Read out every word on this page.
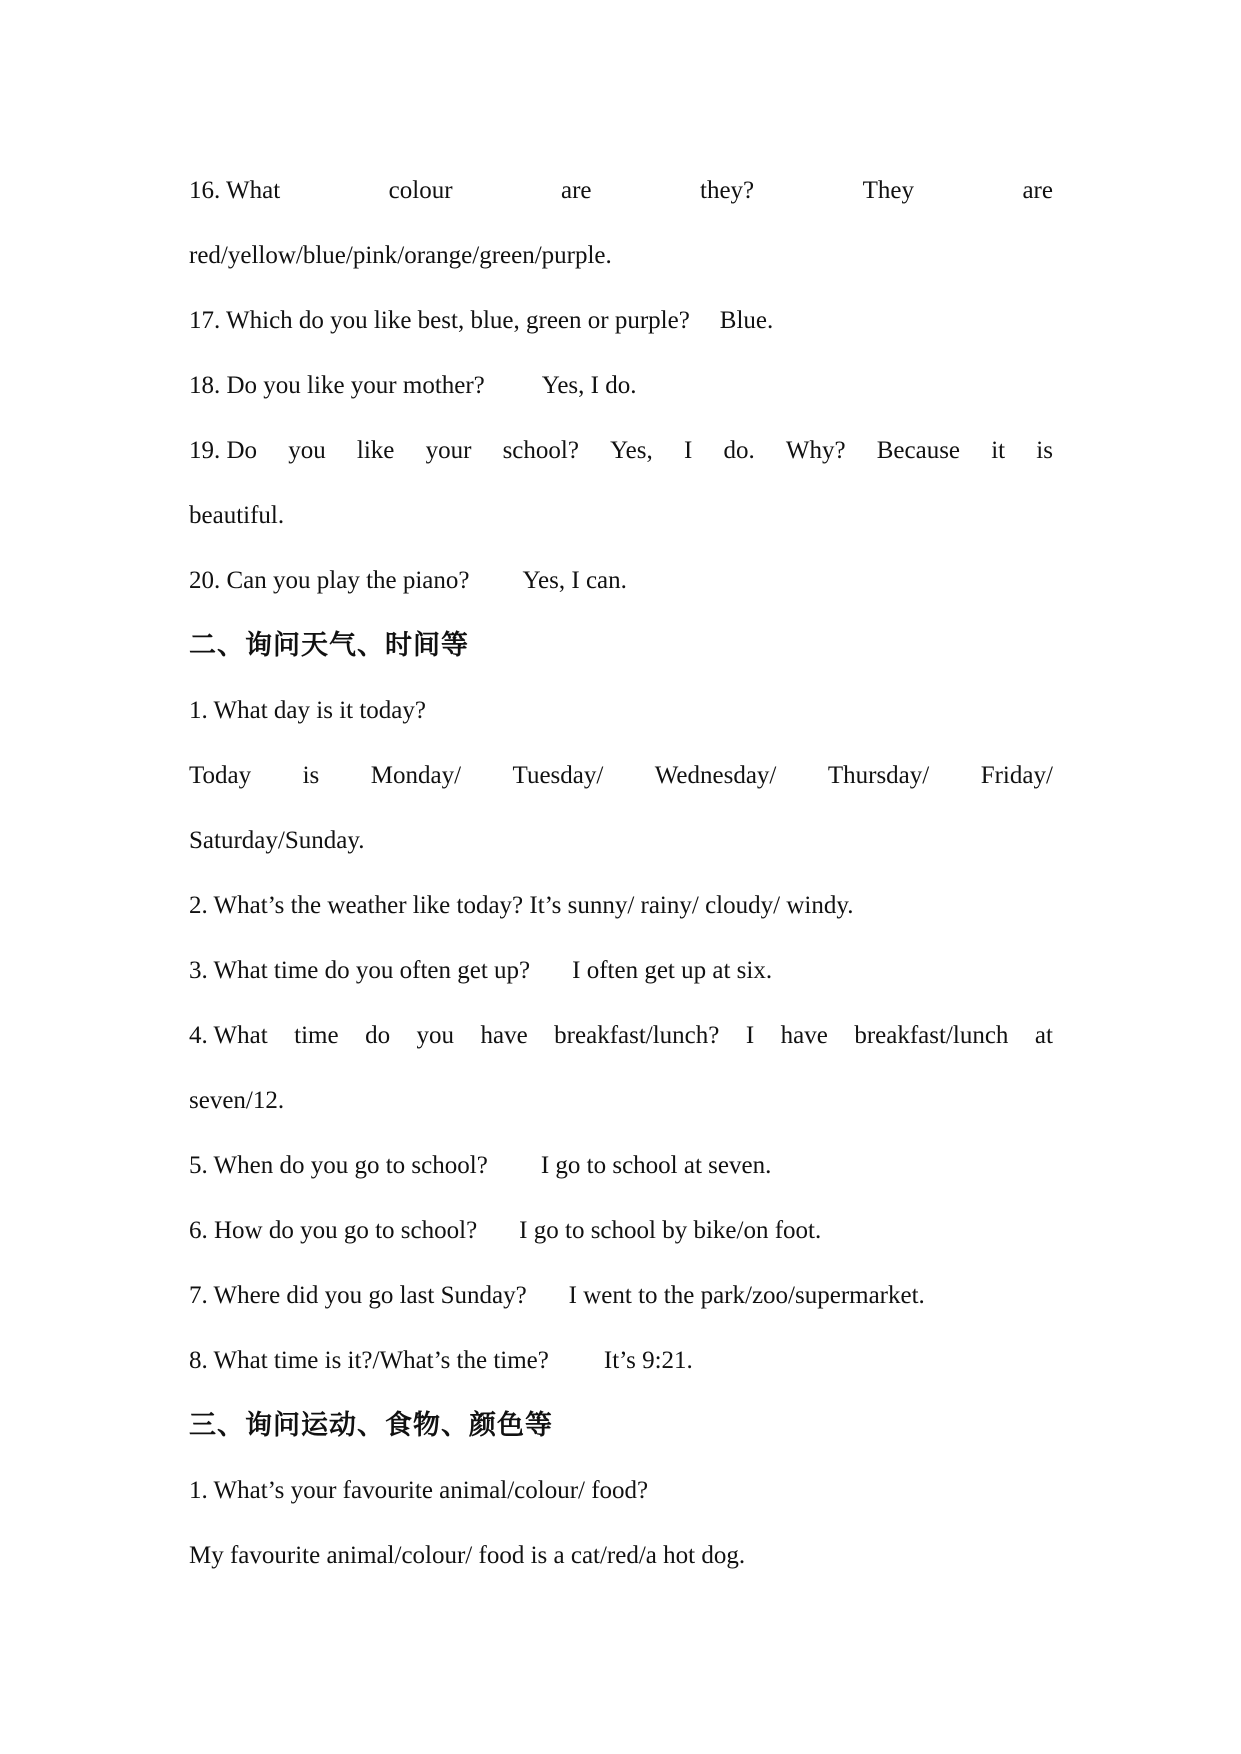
16. What	colour	are	they?	They	are
red/yellow/blue/pink/orange/green/purple.
17. Which do you like best, blue, green or purple? Blue.
18. Do you like your mother? Yes, I do.
19. Do you like your school? Yes, I do. Why? Because it is
beautiful.
20. Can you play the piano? Yes, I can.
二、询问天气、时间等
1. What day is it today?
Today is Monday/ Tuesday/ Wednesday/ Thursday/ Friday/
Saturday/Sunday.
2. What’s the weather like today? It’s sunny/ rainy/ cloudy/ windy.
3. What time do you often get up? I often get up at six.
4. What time do you have breakfast/lunch? I have breakfast/lunch at
seven/12.
5. When do you go to school? I go to school at seven.
6. How do you go to school? I go to school by bike/on foot.
7. Where did you go last Sunday? I went to the park/zoo/supermarket.
8. What time is it?/What’s the time? It’s 9:21.
三、询问运动、食物、颜色等
1. What’s your favourite animal/colour/ food?
My favourite animal/colour/ food is a cat/red/a hot dog.
